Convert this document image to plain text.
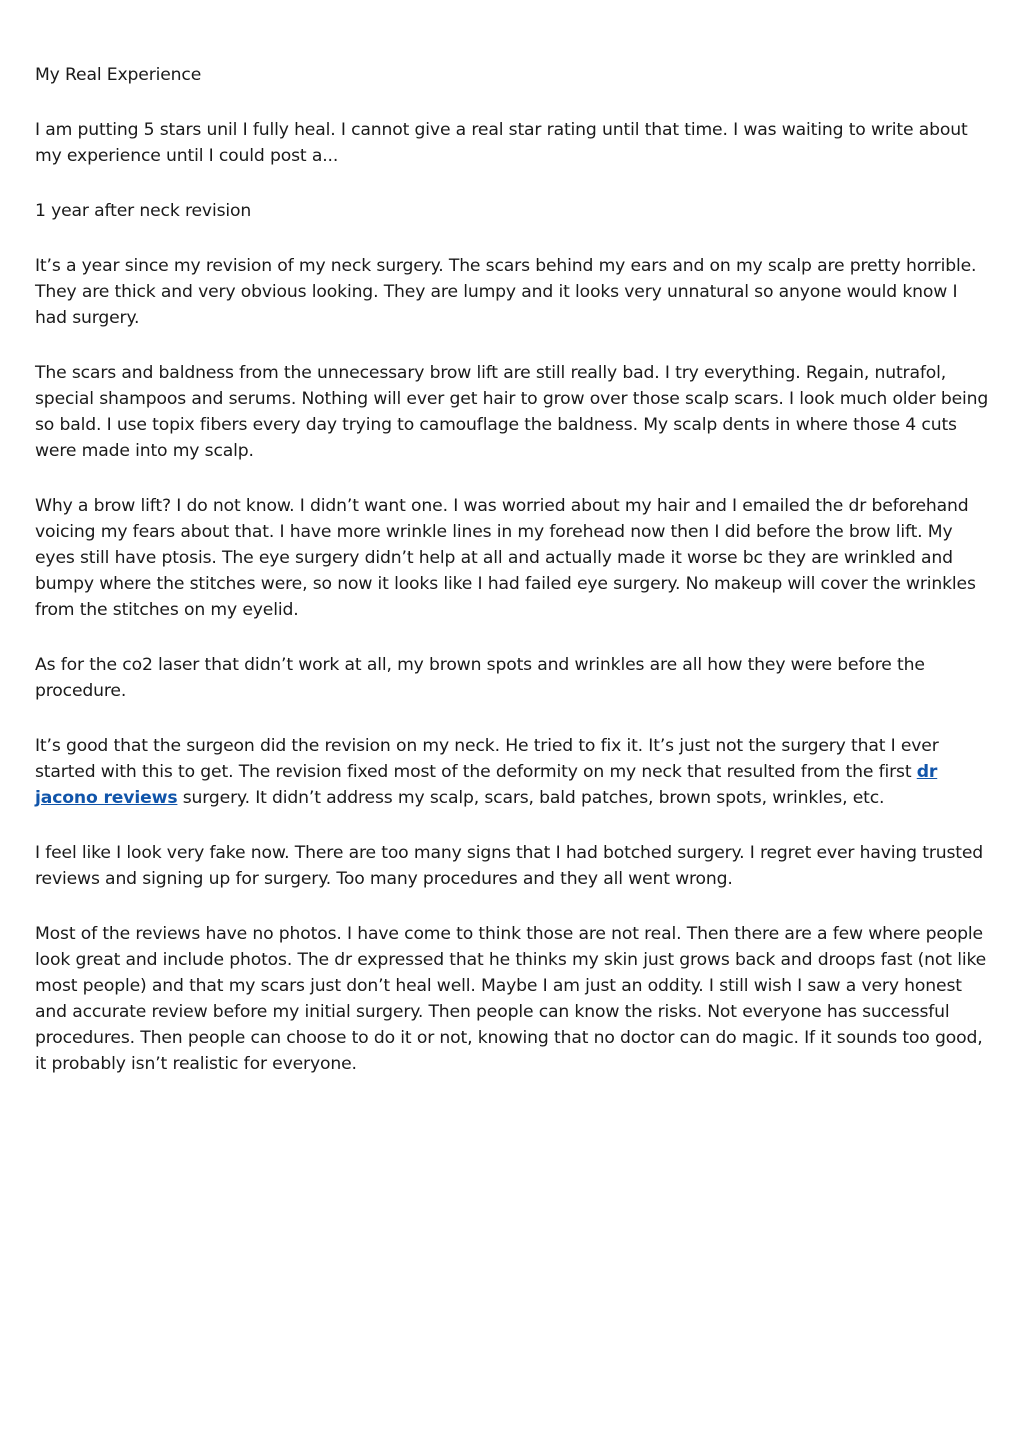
My Real Experience

I am putting 5 stars unil I fully heal. I cannot give a real star rating until that time. I was waiting to write about my experience until I could post a...

1 year after neck revision

It’s a year since my revision of my neck surgery. The scars behind my ears and on my scalp are pretty horrible. They are thick and very obvious looking. They are lumpy and it looks very unnatural so anyone would know I had surgery.

The scars and baldness from the unnecessary brow lift are still really bad. I try everything. Regain, nutrafol, special shampoos and serums. Nothing will ever get hair to grow over those scalp scars. I look much older being so bald. I use topix fibers every day trying to camouflage the baldness. My scalp dents in where those 4 cuts were made into my scalp.

Why a brow lift? I do not know. I didn’t want one. I was worried about my hair and I emailed the dr beforehand voicing my fears about that. I have more wrinkle lines in my forehead now then I did before the brow lift. My eyes still have ptosis. The eye surgery didn’t help at all and actually made it worse bc they are wrinkled and bumpy where the stitches were, so now it looks like I had failed eye surgery. No makeup will cover the wrinkles from the stitches on my eyelid.

As for the co2 laser that didn’t work at all, my brown spots and wrinkles are all how they were before the procedure.

It’s good that the surgeon did the revision on my neck. He tried to fix it. It’s just not the surgery that I ever started with this to get. The revision fixed most of the deformity on my neck that resulted from the first dr jacono reviews surgery. It didn’t address my scalp, scars, bald patches, brown spots, wrinkles, etc.

I feel like I look very fake now. There are too many signs that I had botched surgery. I regret ever having trusted reviews and signing up for surgery. Too many procedures and they all went wrong.

Most of the reviews have no photos. I have come to think those are not real. Then there are a few where people look great and include photos. The dr expressed that he thinks my skin just grows back and droops fast (not like most people) and that my scars just don’t heal well. Maybe I am just an oddity. I still wish I saw a very honest and accurate review before my initial surgery. Then people can know the risks. Not everyone has successful procedures. Then people can choose to do it or not, knowing that no doctor can do magic. If it sounds too good, it probably isn’t realistic for everyone.
